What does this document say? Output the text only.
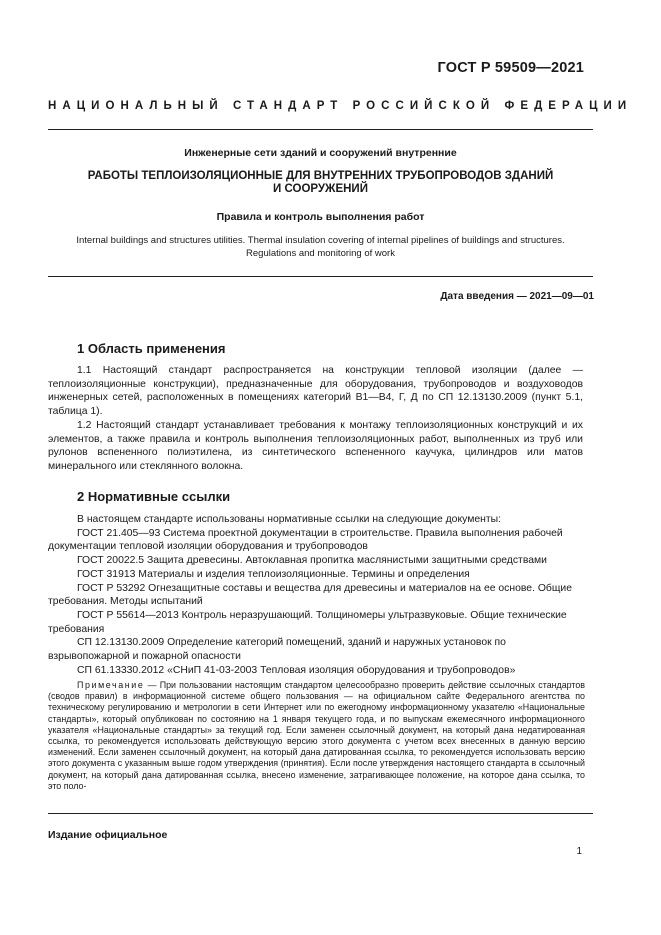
ГОСТ Р 59509—2021
НАЦИОНАЛЬНЫЙ СТАНДАРТ РОССИЙСКОЙ ФЕДЕРАЦИИ
Инженерные сети зданий и сооружений внутренние
РАБОТЫ ТЕПЛОИЗОЛЯЦИОННЫЕ ДЛЯ ВНУТРЕННИХ ТРУБОПРОВОДОВ ЗДАНИЙ
И СООРУЖЕНИЙ
Правила и контроль выполнения работ
Internal buildings and structures utilities. Thermal insulation covering of internal pipelines of buildings and structures.
Regulations and monitoring of work
Дата введения — 2021—09—01
1 Область применения

1.1 Настоящий стандарт распространяется на конструкции тепловой изоляции (далее — теплоизоляционные конструкции), предназначенные для оборудования, трубопроводов и воздуховодов инженерных сетей, расположенных в помещениях категорий В1—В4, Г, Д по СП 12.13130.2009 (пункт 5.1, таблица 1).

1.2 Настоящий стандарт устанавливает требования к монтажу теплоизоляционных конструкций и их элементов, а также правила и контроль выполнения теплоизоляционных работ, выполненных из труб или рулонов вспененного полиэтилена, из синтетического вспененного каучука, цилиндров или матов минерального или стеклянного волокна.

2 Нормативные ссылки

В настоящем стандарте использованы нормативные ссылки на следующие документы:

ГОСТ 21.405—93 Система проектной документации в строительстве. Правила выполнения рабочей документации тепловой изоляции оборудования и трубопроводов

ГОСТ 20022.5 Защита древесины. Автоклавная пропитка маслянистыми защитными средствами

ГОСТ 31913 Материалы и изделия теплоизоляционные. Термины и определения

ГОСТ Р 53292 Огнезащитные составы и вещества для древесины и материалов на ее основе. Общие требования. Методы испытаний

ГОСТ Р 55614—2013 Контроль неразрушающий. Толщиномеры ультразвуковые. Общие технические требования

СП 12.13130.2009 Определение категорий помещений, зданий и наружных установок по взрывопожарной и пожарной опасности

СП 61.13330.2012 «СНиП 41-03-2003 Тепловая изоляция оборудования и трубопроводов»

Примечание — При пользовании настоящим стандартом целесообразно проверить действие ссылочных стандартов (сводов правил) в информационной системе общего пользования — на официальном сайте Федерального агентства по техническому регулированию и метрологии в сети Интернет или по ежегодному информационному указателю «Национальные стандарты», который опубликован по состоянию на 1 января текущего года, и по выпускам ежемесячного информационного указателя «Национальные стандарты» за текущий год. Если заменен ссылочный документ, на который дана недатированная ссылка, то рекомендуется использовать действующую версию этого документа с учетом всех внесенных в данную версию изменений. Если заменен ссылочный документ, на который дана датированная ссылка, то рекомендуется использовать версию этого документа с указанным выше годом утверждения (принятия). Если после утверждения настоящего стандарта в ссылочный документ, на который дана датированная ссылка, внесено изменение, затрагивающее положение, на которое дана ссылка, то это поло-

Издание официальное
1
